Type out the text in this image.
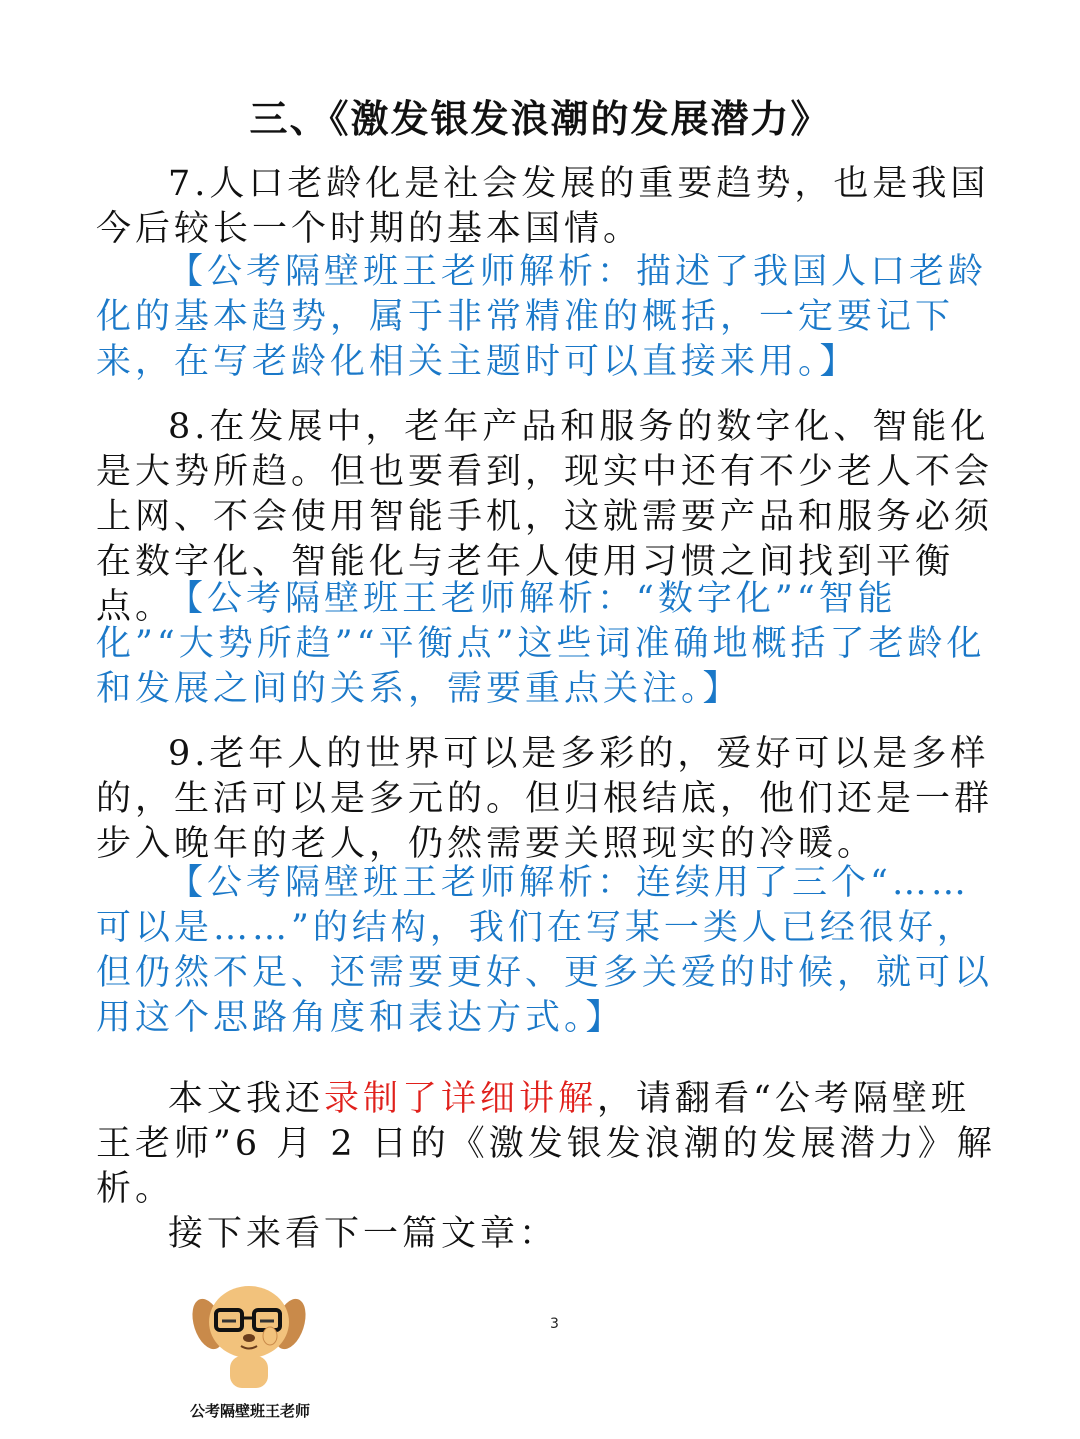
三、《激发银发浪潮的发展潜力》

7.人口老龄化是社会发展的重要趋势，也是我国今后较长一个时期的基本国情。

【公考隔壁班王老师解析：描述了我国人口老龄化的基本趋势，属于非常精准的概括，一定要记下来，在写老龄化相关主题时可以直接来用。】

8.在发展中，老年产品和服务的数字化、智能化是大势所趋。但也要看到，现实中还有不少老人不会上网、不会使用智能手机，这就需要产品和服务必须在数字化、智能化与老年人使用习惯之间找到平衡点。

【公考隔壁班王老师解析：“数字化”“智能化”“大势所趋”“平衡点”这些词准确地概括了老龄化和发展之间的关系，需要重点关注。】

9.老年人的世界可以是多彩的，爱好可以是多样的，生活可以是多元的。但归根结底，他们还是一群步入晚年的老人，仍然需要关照现实的冷暖。

【公考隔壁班王老师解析：连续用了三个“……可以是……”的结构，我们在写某一类人已经很好，但仍然不足、还需要更好、更多关爱的时候，就可以用这个思路角度和表达方式。】

本文我还录制了详细讲解，请翻看“公考隔壁班王老师”6 月 2 日的《激发银发浪潮的发展潜力》解析。

接下来看下一篇文章：

3
公考隔壁班王老师
